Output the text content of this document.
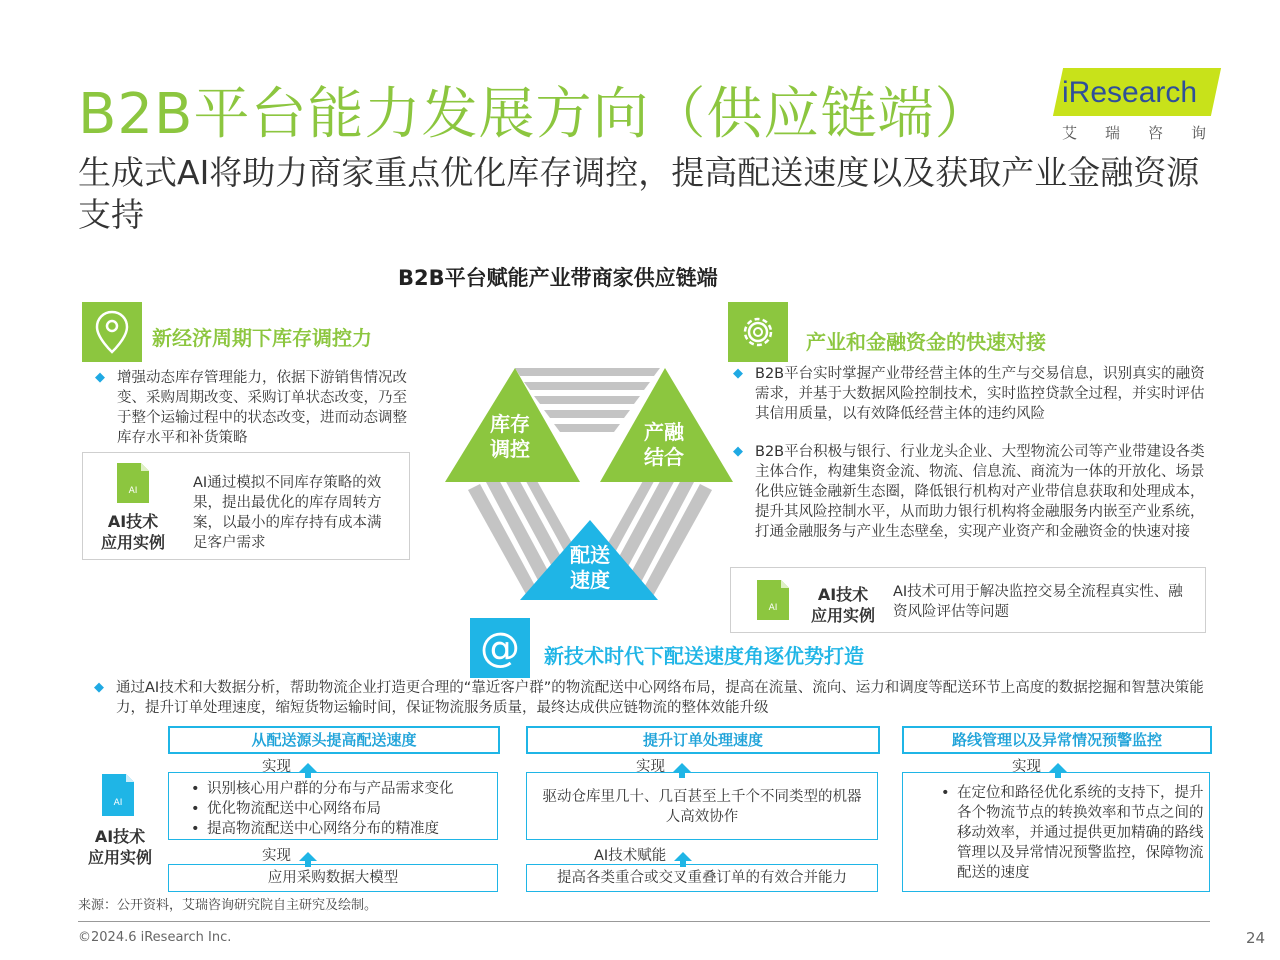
B2B平台能力发展方向（供应链端）
生成式AI将助力商家重点优化库存调控，提高配送速度以及获取产业金融资源支持
iResearch
艾瑞咨询
B2B平台赋能产业带商家供应链端
库存
调控
产融
结合
配送
速度
新经济周期下库存调控力
◆ 增强动态库存管理能力，依据下游销售情况改变、采购周期改变、采购订单状态改变，乃至于整个运输过程中的状态改变，进而动态调整库存水平和补货策略
AI
AI技术
应用实例
AI通过模拟不同库存策略的效果，提出最优化的库存周转方案，以最小的库存持有成本满足客户需求
产业和金融资金的快速对接
◆ B2B平台实时掌握产业带经营主体的生产与交易信息，识别真实的融资需求，并基于大数据风险控制技术，实时监控贷款全过程，并实时评估其信用质量，以有效降低经营主体的违约风险
◆ B2B平台积极与银行、行业龙头企业、大型物流公司等产业带建设各类主体合作，构建集资金流、物流、信息流、商流为一体的开放化、场景化供应链金融新生态圈，降低银行机构对产业带信息获取和处理成本，提升其风险控制水平，从而助力银行机构将金融服务内嵌至产业系统，打通金融服务与产业生态壁垒，实现产业资产和金融资金的快速对接
AI
AI技术
应用实例
AI技术可用于解决监控交易全流程真实性、融资风险评估等问题
@ 新技术时代下配送速度角逐优势打造
◆ 通过AI技术和大数据分析，帮助物流企业打造更合理的“靠近客户群”的物流配送中心网络布局，提高在流量、流向、运力和调度等配送环节上高度的数据挖掘和智慧决策能力，提升订单处理速度，缩短货物运输时间，保证物流服务质量，最终达成供应链物流的整体效能升级
AI
AI技术
应用实例
从配送源头提高配送速度
实现
• 识别核心用户群的分布与产品需求变化
• 优化物流配送中心网络布局
• 提高物流配送中心网络分布的精准度
实现
应用采购数据大模型
提升订单处理速度
实现
驱动仓库里几十、几百甚至上千个不同类型的机器人高效协作
AI技术赋能
提高各类重合或交叉重叠订单的有效合并能力
路线管理以及异常情况预警监控
实现
• 在定位和路径优化系统的支持下，提升各个物流节点的转换效率和节点之间的移动效率，并通过提供更加精确的路线管理以及异常情况预警监控，保障物流配送的速度
来源：公开资料，艾瑞咨询研究院自主研究及绘制。
©2024.6 iResearch Inc.	24
